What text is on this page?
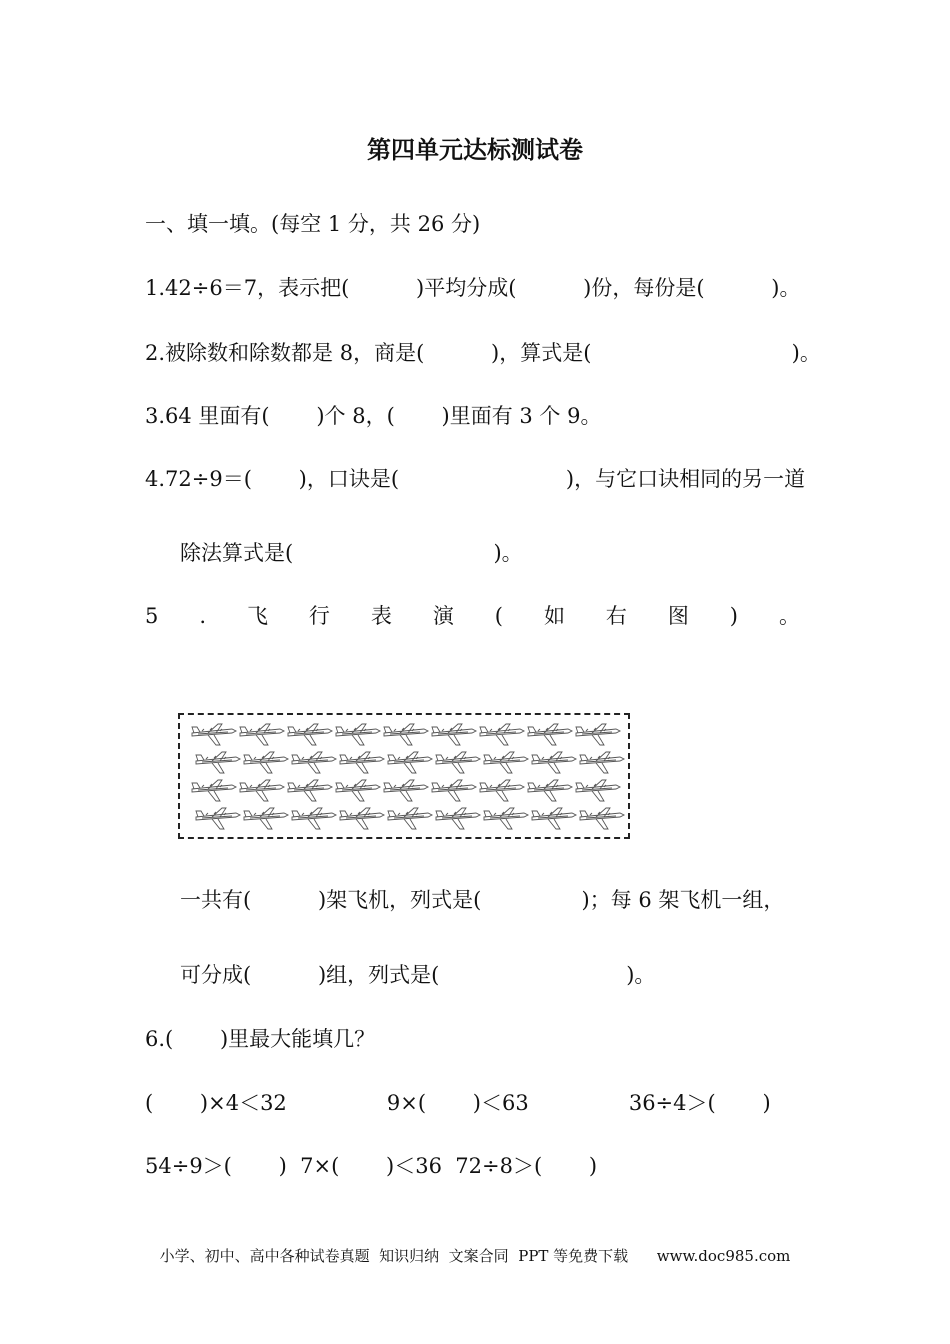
第四单元达标测试卷
一、填一填。(每空 1 分，共 26 分)
1.42÷6＝7，表示把(          )平均分成(          )份，每份是(          )。
2.被除数和除数都是 8，商是(          )，算式是(                              )。
3.64 里面有(       )个 8，(       )里面有 3 个 9。
4.72÷9＝(       )，口诀是(                         )，与它口诀相同的另一道
除法算式是(                              )。
5 . 飞 行 表 演 ( 如 右 图 ) 。
一共有(          )架飞机，列式是(               )；每 6 架飞机一组，
可分成(          )组，列式是(                            )。
6.(       )里最大能填几？
(       )×4＜32               9×(       )＜63               36÷4＞(       )
54÷9＞(       )  7×(       )＜36  72÷8＞(       )
小学、初中、高中各种试卷真题  知识归纳  文案合同  PPT 等免费下载      www.doc985.com
